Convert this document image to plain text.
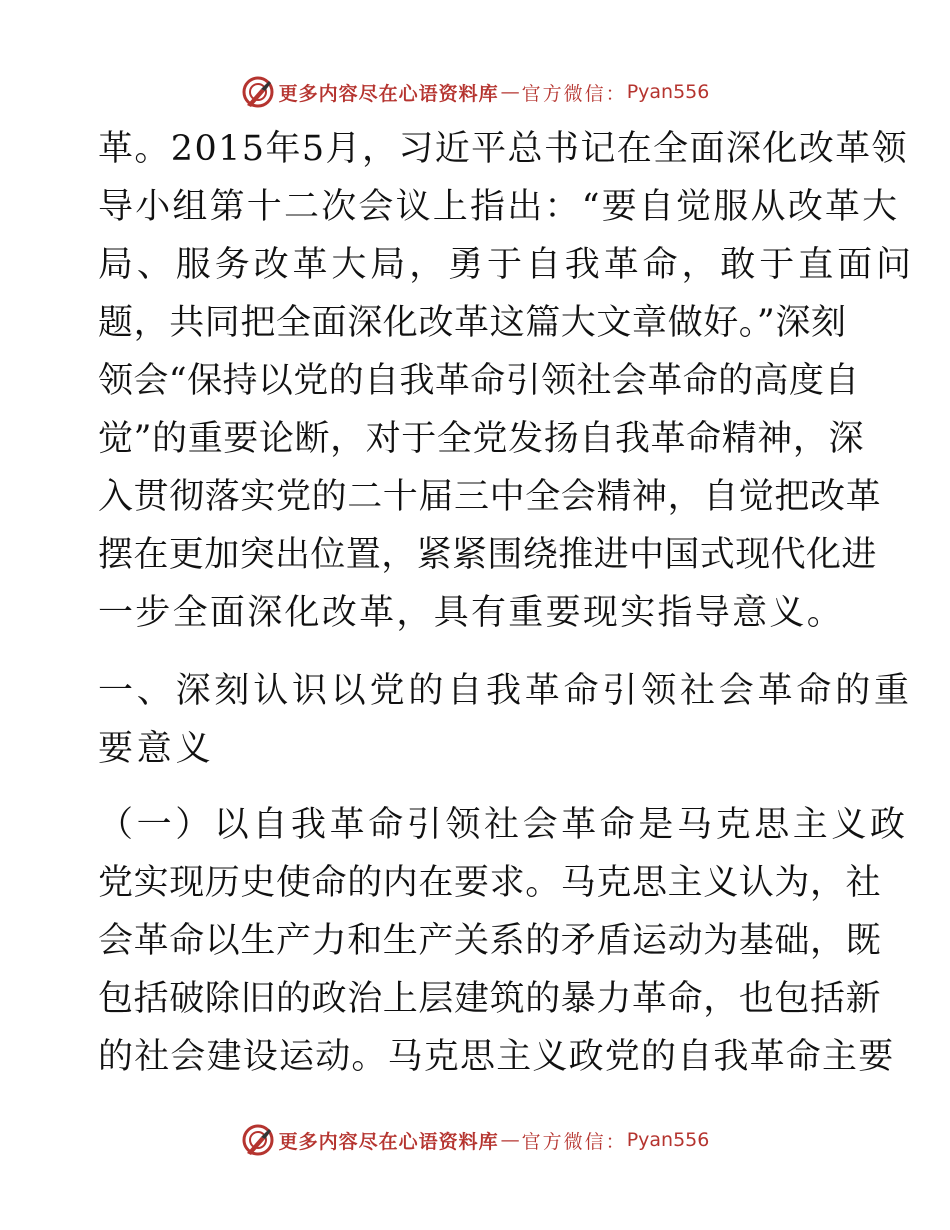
更多内容尽在心语资料库 — 官方微信： Pyan556
革。2015年5月，习近平总书记在全面深化改革领
导小组第十二次会议上指出：“要自觉服从改革大
局、服务改革大局，勇于自我革命，敢于直面问
题，共同把全面深化改革这篇大文章做好。”深刻
领会“保持以党的自我革命引领社会革命的高度自
觉”的重要论断，对于全党发扬自我革命精神，深
入贯彻落实党的二十届三中全会精神，自觉把改革
摆在更加突出位置，紧紧围绕推进中国式现代化进
一步全面深化改革，具有重要现实指导意义。
一、深刻认识以党的自我革命引领社会革命的重
要意义
（一）以自我革命引领社会革命是马克思主义政
党实现历史使命的内在要求。马克思主义认为，社
会革命以生产力和生产关系的矛盾运动为基础，既
包括破除旧的政治上层建筑的暴力革命，也包括新
的社会建设运动。马克思主义政党的自我革命主要
更多内容尽在心语资料库 — 官方微信： Pyan556
